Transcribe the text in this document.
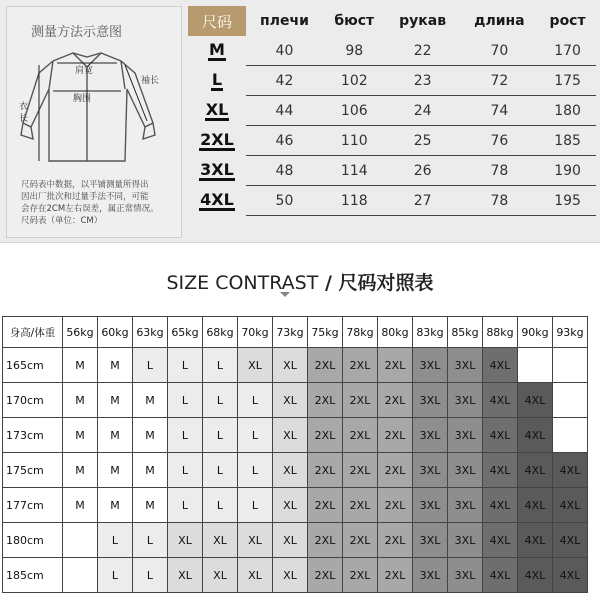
测量方法示意图
肩宽
胸围
袖长
衣
长
尺码表中数据，以平铺测量所得出
因出厂批次和过量手法不同，可能
会存在2CM左右误差，属正常情况。
尺码表（单位：CM）
尺码	плечи	бюст	рукав	длина	рост
M	40	98	22	70	170
L	42	102	23	72	175
XL	44	106	24	74	180
2XL	46	110	25	76	185
3XL	48	114	26	78	190
4XL	50	118	27	78	195
SIZE CONTRAST / 尺码对照表
身高/体重	56kg	60kg	63kg	65kg	68kg	70kg	73kg	75kg	78kg	80kg	83kg	85kg	88kg	90kg	93kg
165cm	M	M	L	L	L	XL	XL	2XL	2XL	2XL	3XL	3XL	4XL		
170cm	M	M	M	L	L	L	XL	2XL	2XL	2XL	3XL	3XL	4XL	4XL	
173cm	M	M	M	L	L	L	XL	2XL	2XL	2XL	3XL	3XL	4XL	4XL	
175cm	M	M	M	L	L	L	XL	2XL	2XL	2XL	3XL	3XL	4XL	4XL	4XL
177cm	M	M	M	L	L	L	XL	2XL	2XL	2XL	3XL	3XL	4XL	4XL	4XL
180cm		L	L	XL	XL	XL	XL	2XL	2XL	2XL	3XL	3XL	4XL	4XL	4XL
185cm		L	L	XL	XL	XL	XL	2XL	2XL	2XL	3XL	3XL	4XL	4XL	4XL
